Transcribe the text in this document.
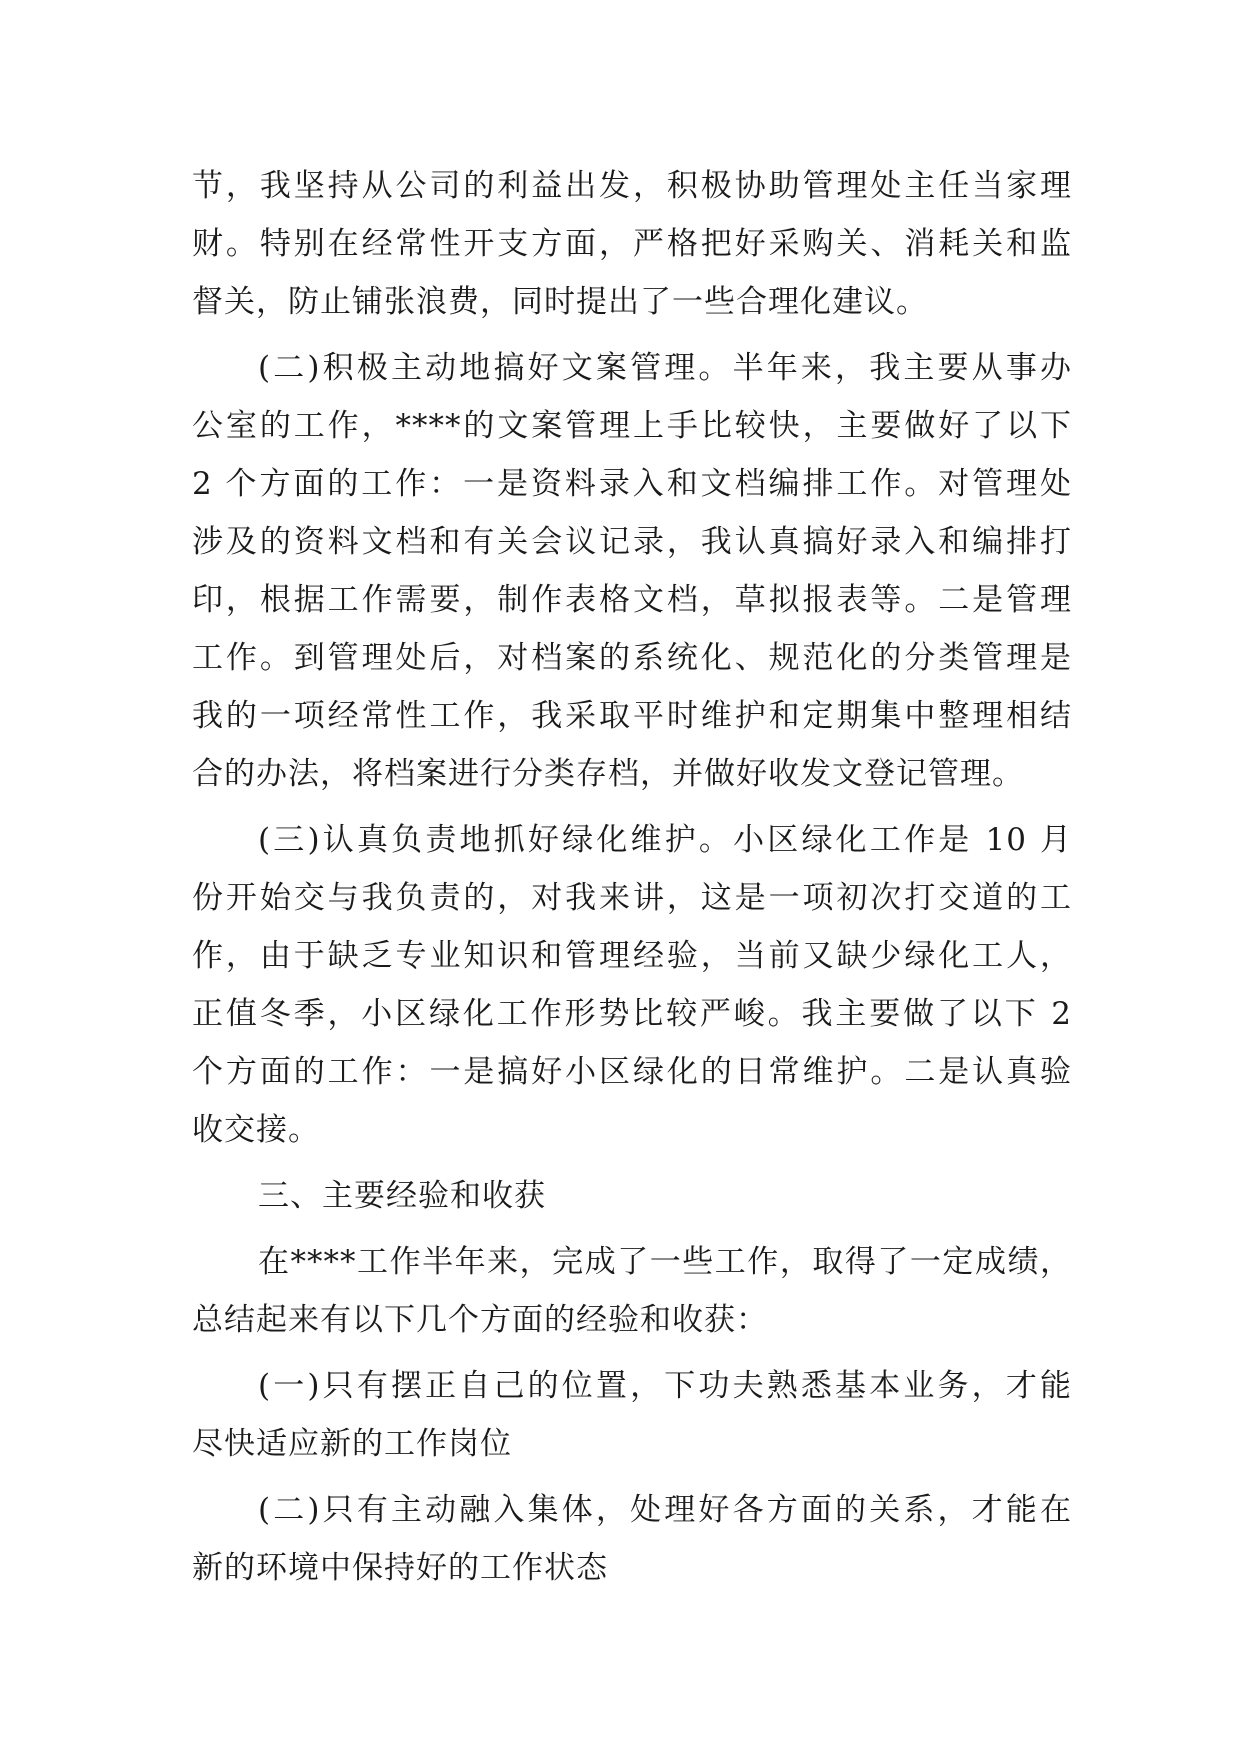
节，我坚持从公司的利益出发，积极协助管理处主任当家理
财。特别在经常性开支方面，严格把好采购关、消耗关和监
督关，防止铺张浪费，同时提出了一些合理化建议。
(二)积极主动地搞好文案管理。半年来，我主要从事办
公室的工作，****的文案管理上手比较快，主要做好了以下
2 个方面的工作：一是资料录入和文档编排工作。对管理处
涉及的资料文档和有关会议记录，我认真搞好录入和编排打
印，根据工作需要，制作表格文档，草拟报表等。二是管理
工作。到管理处后，对档案的系统化、规范化的分类管理是
我的一项经常性工作，我采取平时维护和定期集中整理相结
合的办法，将档案进行分类存档，并做好收发文登记管理。
(三)认真负责地抓好绿化维护。小区绿化工作是 10 月
份开始交与我负责的，对我来讲，这是一项初次打交道的工
作，由于缺乏专业知识和管理经验，当前又缺少绿化工人，
正值冬季，小区绿化工作形势比较严峻。我主要做了以下 2
个方面的工作：一是搞好小区绿化的日常维护。二是认真验
收交接。
三、主要经验和收获
在****工作半年来，完成了一些工作，取得了一定成绩，
总结起来有以下几个方面的经验和收获：
(一)只有摆正自己的位置，下功夫熟悉基本业务，才能
尽快适应新的工作岗位
(二)只有主动融入集体，处理好各方面的关系，才能在
新的环境中保持好的工作状态
